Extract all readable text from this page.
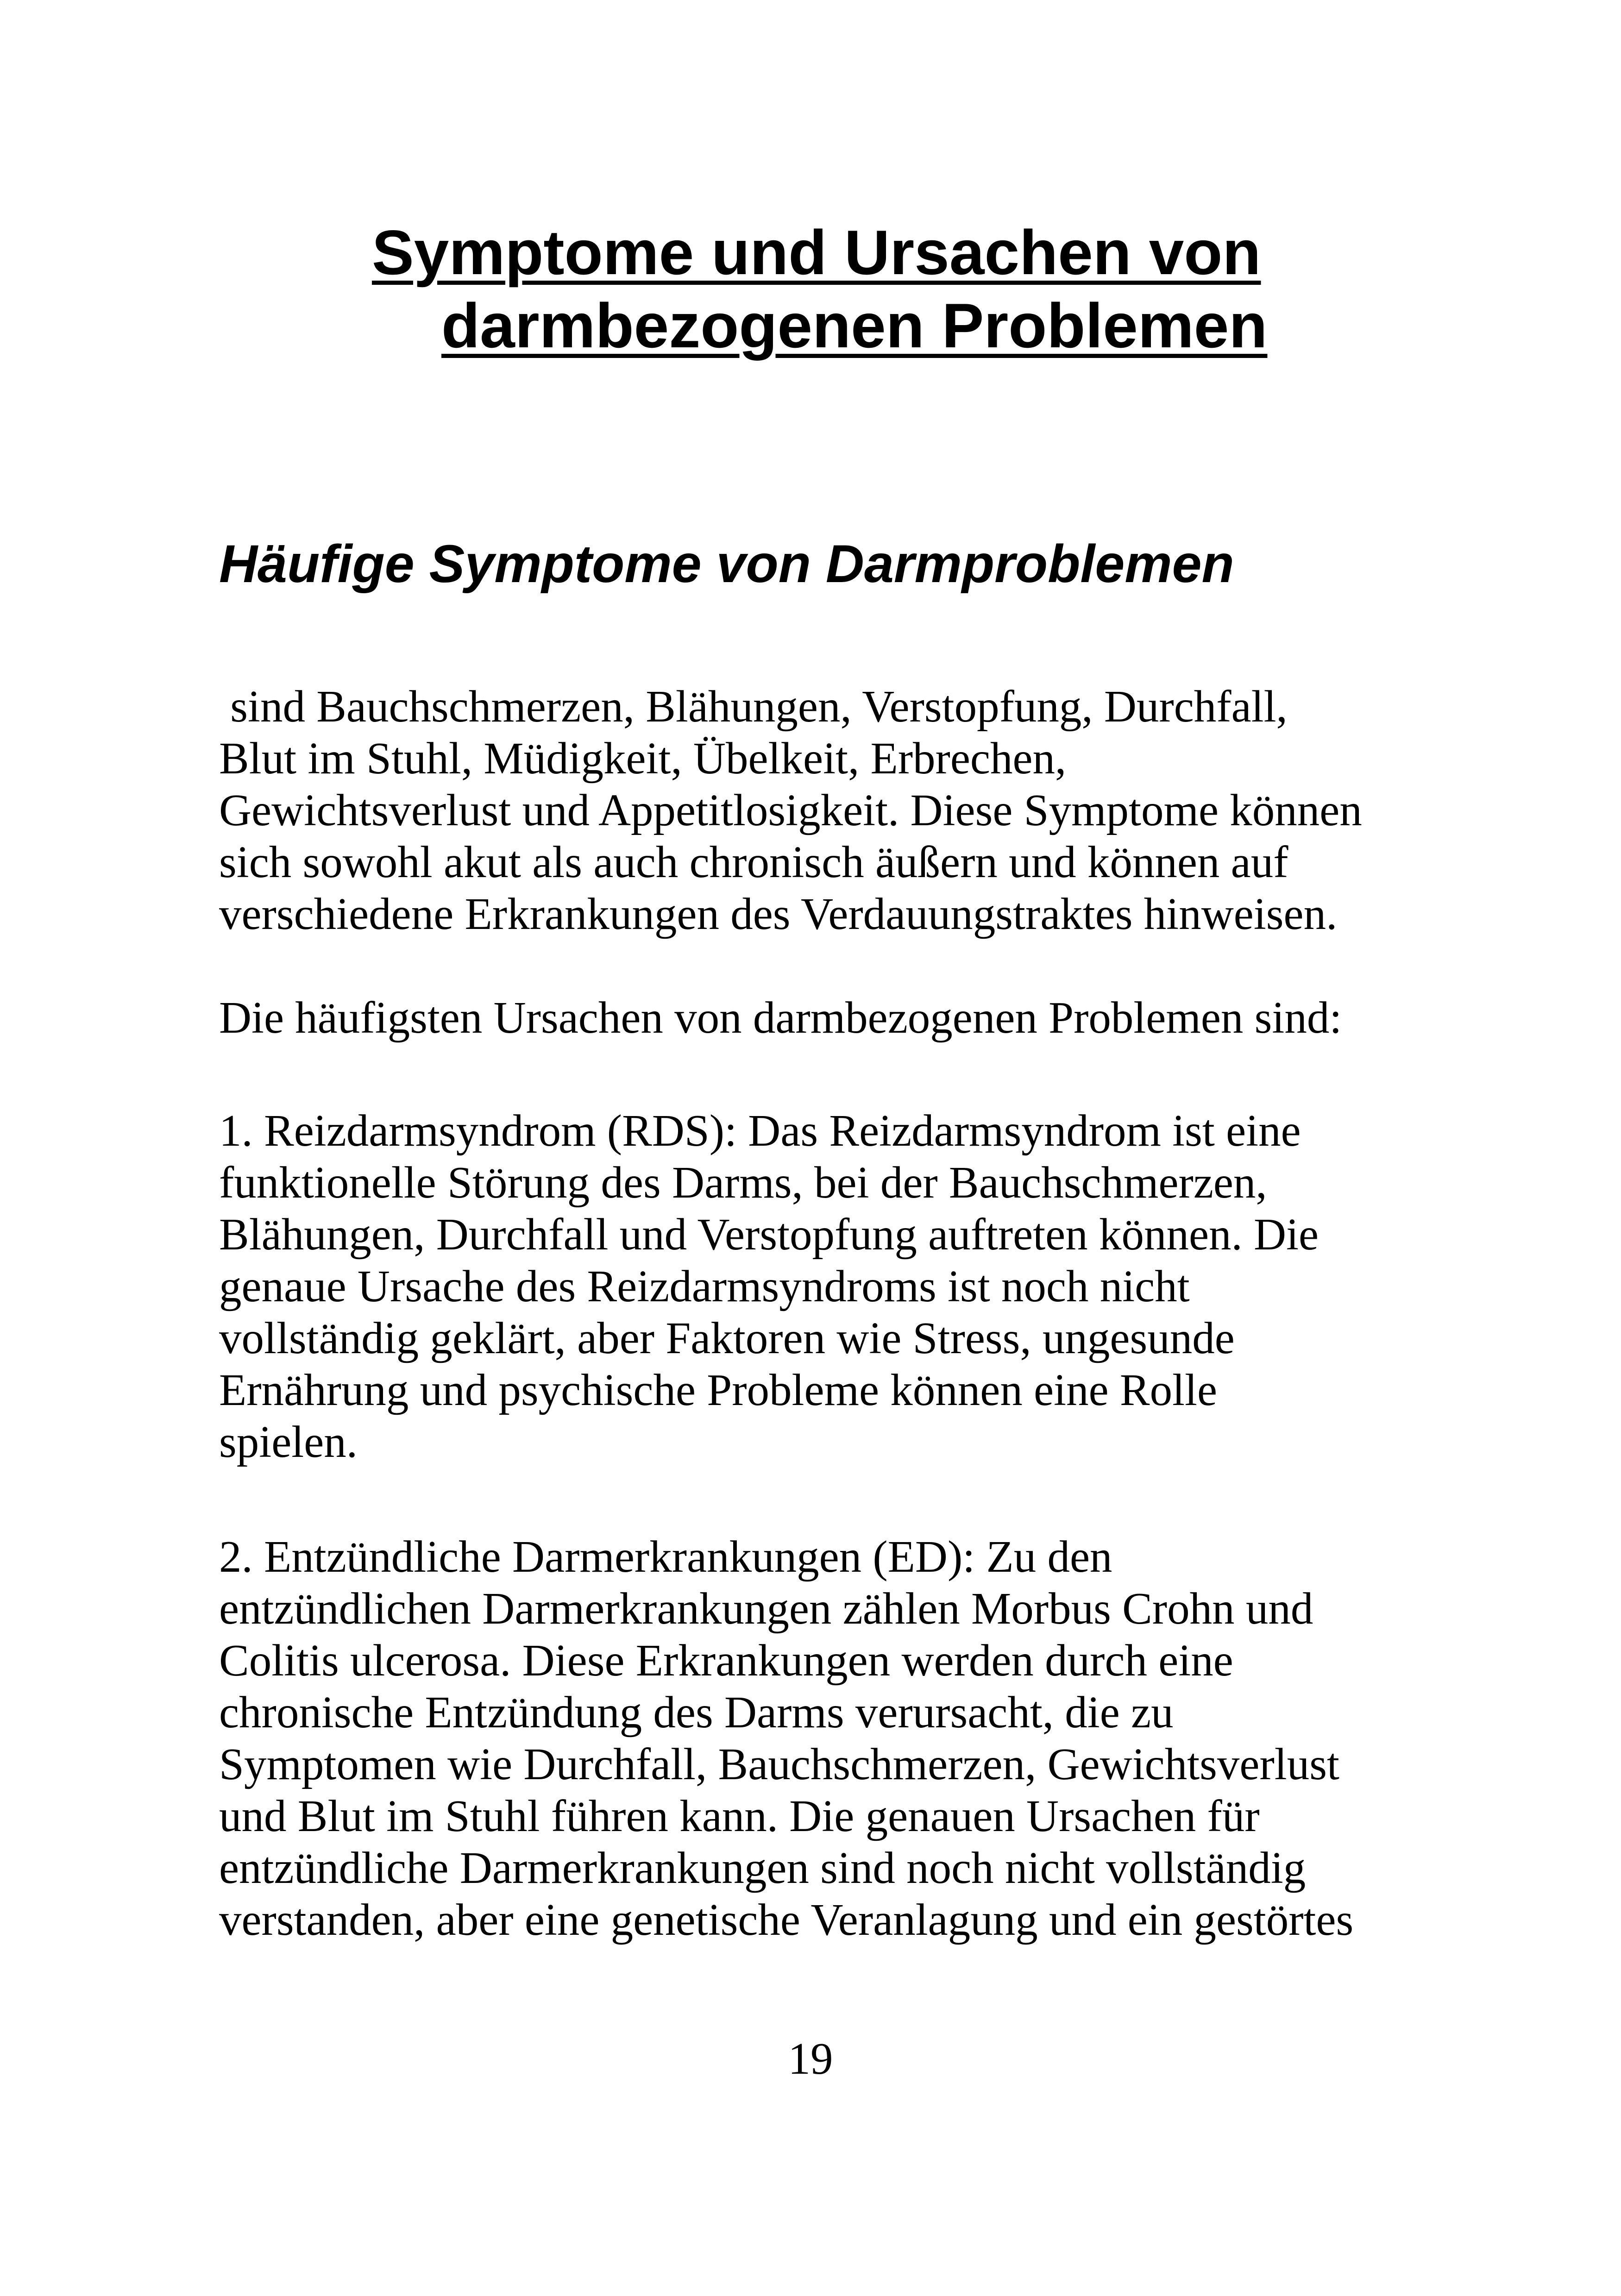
Symptome und Ursachen von
darmbezogenen Problemen
Häufige Symptome von Darmproblemen
sind Bauchschmerzen, Blähungen, Verstopfung, Durchfall,
Blut im Stuhl, Müdigkeit, Übelkeit, Erbrechen,
Gewichtsverlust und Appetitlosigkeit. Diese Symptome können
sich sowohl akut als auch chronisch äußern und können auf
verschiedene Erkrankungen des Verdauungstraktes hinweisen.
Die häufigsten Ursachen von darmbezogenen Problemen sind:
1. Reizdarmsyndrom (RDS): Das Reizdarmsyndrom ist eine
funktionelle Störung des Darms, bei der Bauchschmerzen,
Blähungen, Durchfall und Verstopfung auftreten können. Die
genaue Ursache des Reizdarmsyndroms ist noch nicht
vollständig geklärt, aber Faktoren wie Stress, ungesunde
Ernährung und psychische Probleme können eine Rolle
spielen.
2. Entzündliche Darmerkrankungen (ED): Zu den
entzündlichen Darmerkrankungen zählen Morbus Crohn und
Colitis ulcerosa. Diese Erkrankungen werden durch eine
chronische Entzündung des Darms verursacht, die zu
Symptomen wie Durchfall, Bauchschmerzen, Gewichtsverlust
und Blut im Stuhl führen kann. Die genauen Ursachen für
entzündliche Darmerkrankungen sind noch nicht vollständig
verstanden, aber eine genetische Veranlagung und ein gestörtes
19
